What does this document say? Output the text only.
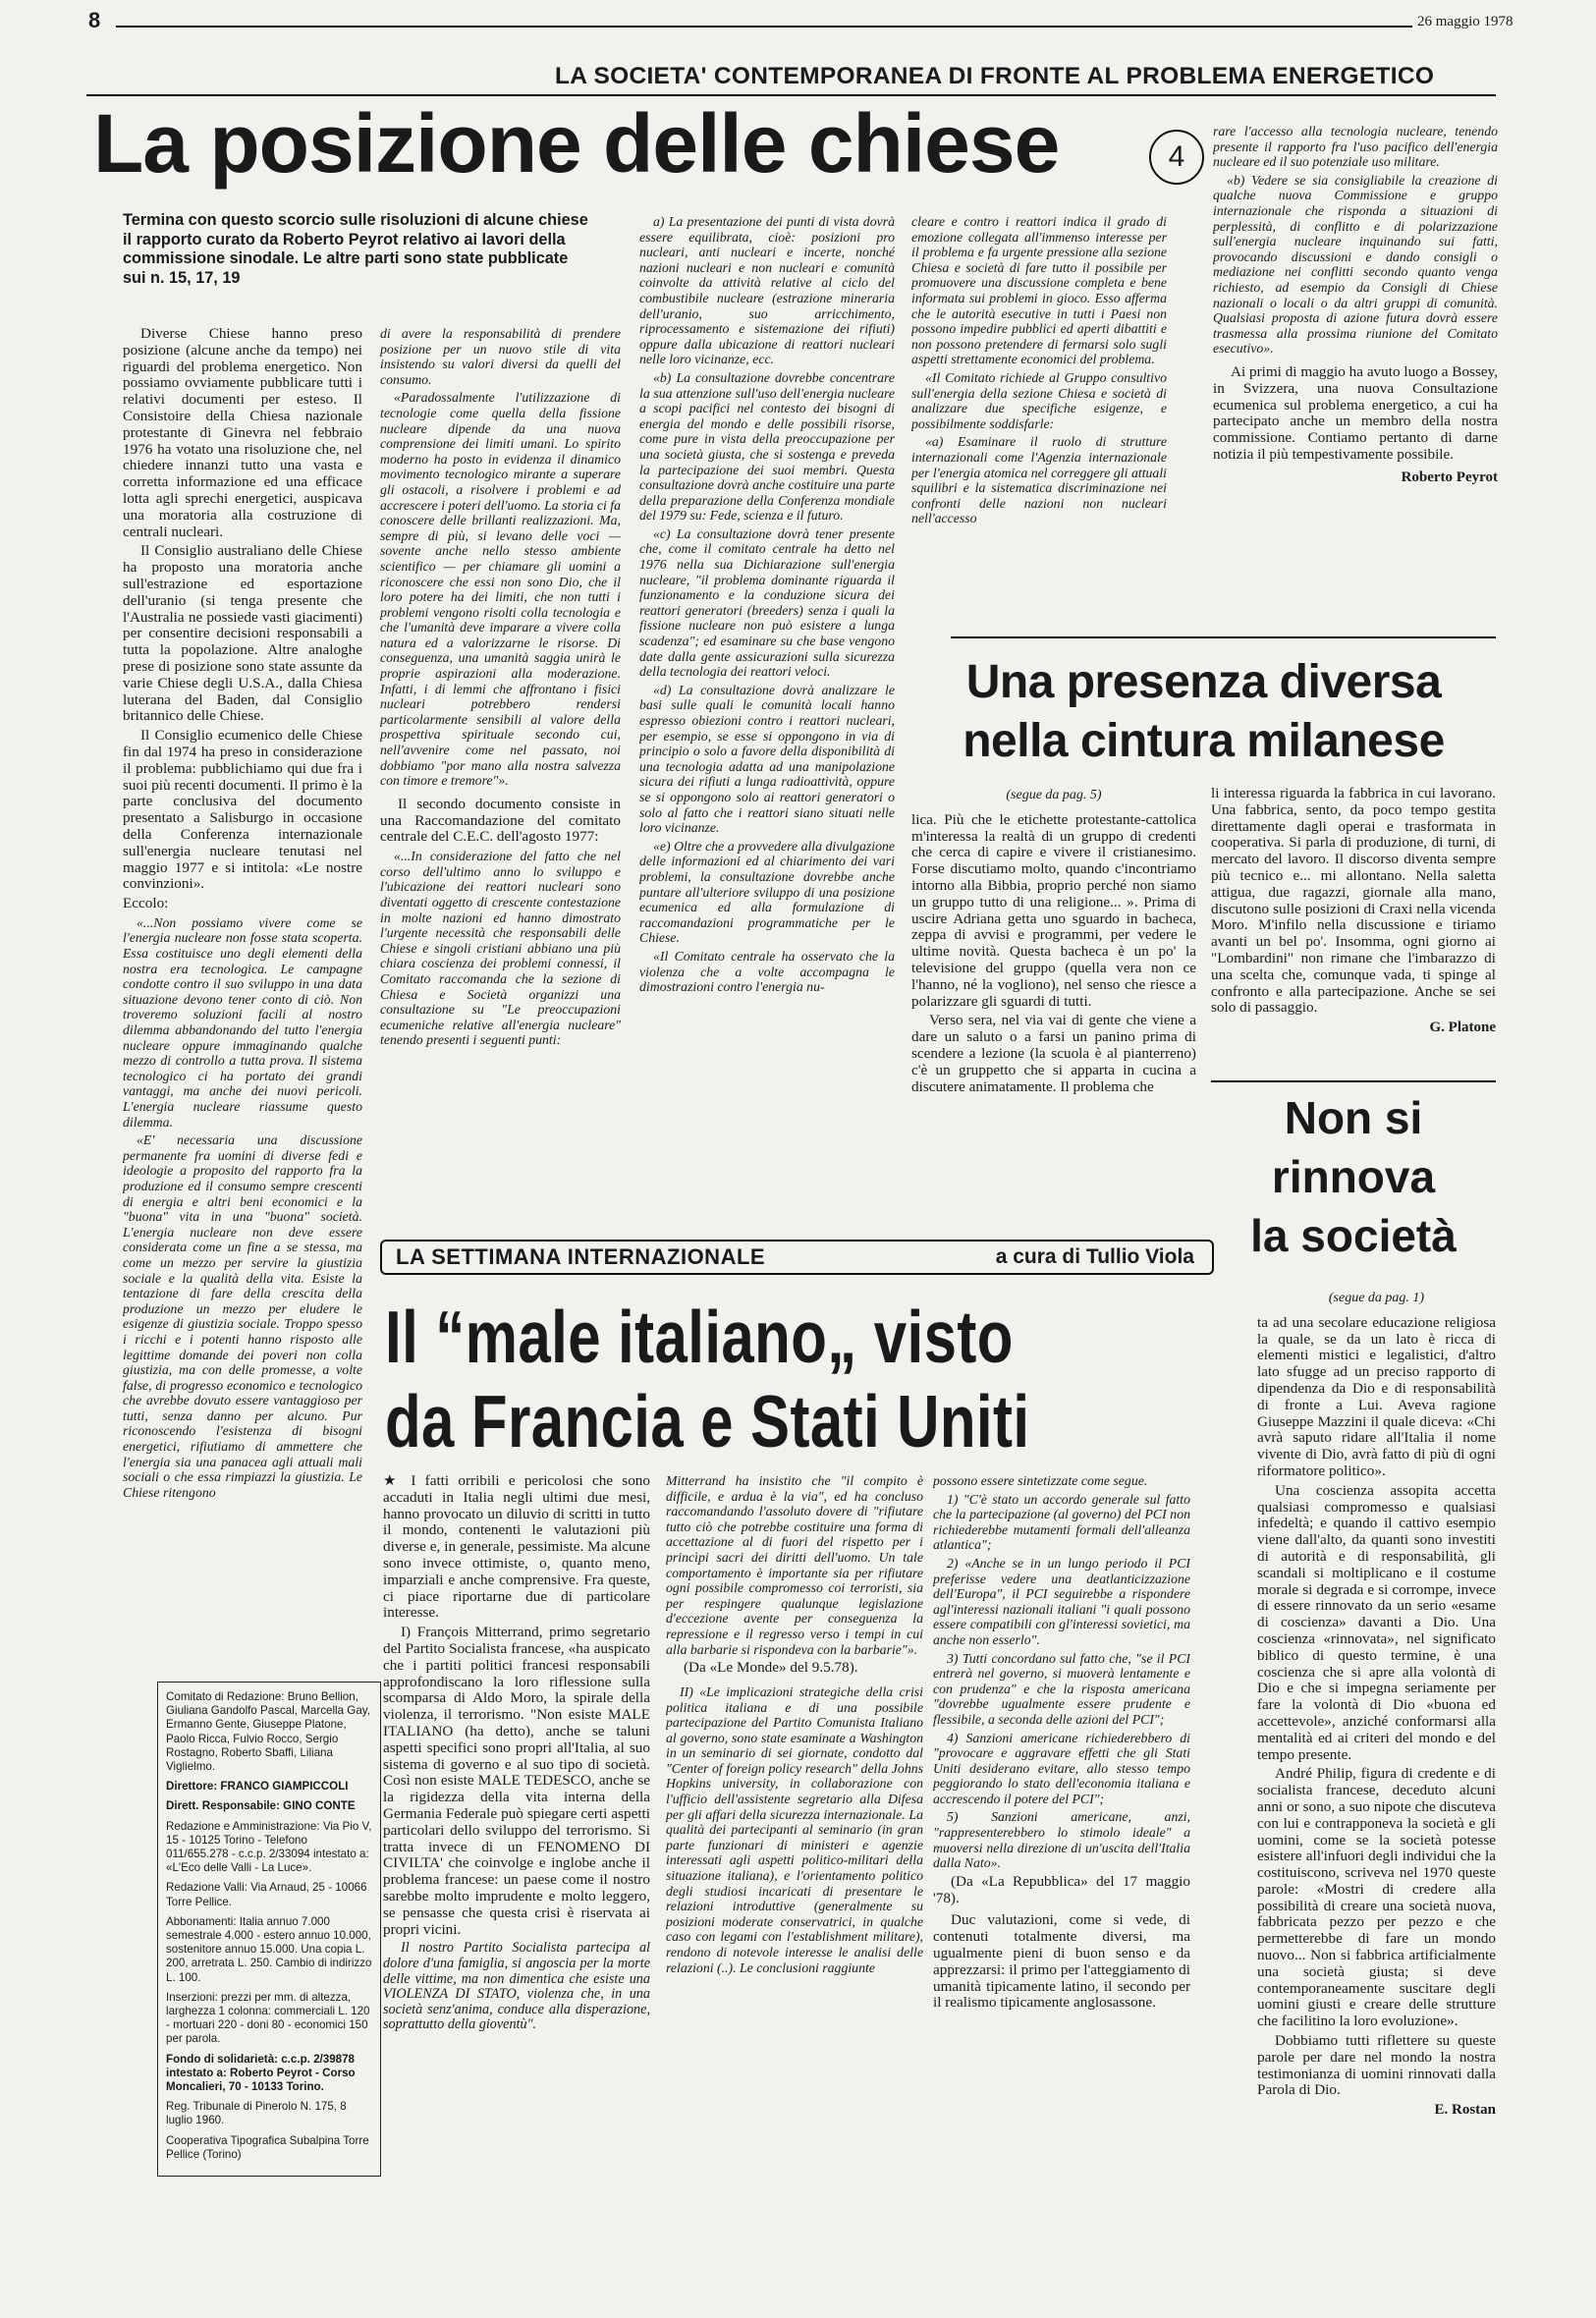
8	26 maggio 1978
LA SOCIETA' CONTEMPORANEA DI FRONTE AL PROBLEMA ENERGETICO
La posizione delle chiese	4
Termina con questo scorcio sulle risoluzioni di alcune chiese il rapporto curato da Roberto Peyrot relativo ai lavori della commissione sinodale. Le altre parti sono state pubblicate sui n. 15, 17, 19

Diverse Chiese hanno preso posizione (alcune anche da tempo) nei riguardi del problema energetico. Non possiamo ovviamente pubblicare tutti i relativi documenti per esteso. Il Consistoire della Chiesa nazionale protestante di Ginevra nel febbraio 1976 ha votato una risoluzione che, nel chiedere innanzi tutto una vasta e corretta informazione ed una efficace lotta agli sprechi energetici, auspicava una moratoria alla costruzione di centrali nucleari.

Il Consiglio australiano delle Chiese ha proposto una moratoria anche sull'estrazione ed esportazione dell'uranio (si tenga presente che l'Australia ne possiede vasti giacimenti) per consentire decisioni responsabili a tutta la popolazione. Altre analoghe prese di posizione sono state assunte da varie Chiese degli U.S.A., dalla Chiesa luterana del Baden, dal Consiglio britannico delle Chiese.

Il Consiglio ecumenico delle Chiese fin dal 1974 ha preso in considerazione il problema: pubblichiamo qui due fra i suoi più recenti documenti. Il primo è la parte conclusiva del documento presentato a Salisburgo in occasione della Conferenza internazionale sull'energia nucleare tenutasi nel maggio 1977 e si intitola: «Le nostre convinzioni».

Eccolo:

«...Non possiamo vivere come se l'energia nucleare non fosse stata scoperta. Essa costituisce uno degli elementi della nostra era tecnologica. Le campagne condotte contro il suo sviluppo in una data situazione devono tener conto di ciò. Non troveremo soluzioni facili al nostro dilemma abbandonando del tutto l'energia nucleare oppure immaginando qualche mezzo di controllo a tutta prova. Il sistema tecnologico ci ha portato dei grandi vantaggi, ma anche dei nuovi pericoli. L'energia nucleare riassume questo dilemma.

«E' necessaria una discussione permanente fra uomini di diverse fedi e ideologie a proposito del rapporto fra la produzione ed il consumo sempre crescenti di energia e altri beni economici e la "buona" vita in una "buona" società. L'energia nucleare non deve essere considerata come un fine a se stessa, ma come un mezzo per servire la giustizia sociale e la qualità della vita. Esiste la tentazione di fare della crescita della produzione un mezzo per eludere le esigenze di giustizia sociale. Troppo spesso i ricchi e i potenti hanno risposto alle legittime domande dei poveri non colla giustizia, ma con delle promesse, a volte false, di progresso economico e tecnologico che avrebbe dovuto essere vantaggioso per tutti, senza danno per alcuno. Pur riconoscendo l'esistenza di bisogni energetici, rifiutiamo di ammettere che l'energia sia una panacea agli attuali mali sociali o che essa rimpiazzi la giustizia. Le Chiese ritengono

Comitato di Redazione: Bruno Bellion, Giuliana Gandolfo Pascal, Marcella Gay, Ermanno Gente, Giuseppe Platone, Paolo Ricca, Fulvio Rocco, Sergio Rostagno, Roberto Sbaffi, Liliana Viglielmo.

Direttore: FRANCO GIAMPICCOLI

Dirett. Responsabile: GINO CONTE

Redazione e Amministrazione: Via Pio V, 15 - 10125 Torino - Telefono 011/655.278 - c.c.p. 2/33094 intestato a: «L'Eco delle Valli - La Luce».

Redazione Valli: Via Arnaud, 25 - 10066 Torre Pellice.

Abbonamenti: Italia annuo 7.000 semestrale 4.000 - estero annuo 10.000, sostenitore annuo 15.000. Una copia L. 200, arretrata L. 250. Cambio di indirizzo L. 100.

Inserzioni: prezzi per mm. di altezza, larghezza 1 colonna: commerciali L. 120 - mortuari 220 - doni 80 - economici 150 per parola.

Fondo di solidarietà: c.c.p. 2/39878 intestato a: Roberto Peyrot - Corso Moncalieri, 70 - 10133 Torino.

Reg. Tribunale di Pinerolo N. 175, 8 luglio 1960.

Cooperativa Tipografica Subalpina Torre Pellice (Torino)

di avere la responsabilità di prendere posizione per un nuovo stile di vita insistendo su valori diversi da quelli del consumo.

«Paradossalmente l'utilizzazione di tecnologie come quella della fissione nucleare dipende da una nuova comprensione dei limiti umani. Lo spirito moderno ha posto in evidenza il dinamico movimento tecnologico mirante a superare gli ostacoli, a risolvere i problemi e ad accrescere i poteri dell'uomo. La storia ci fa conoscere delle brillanti realizzazioni. Ma, sempre di più, si levano delle voci — sovente anche nello stesso ambiente scientifico — per chiamare gli uomini a riconoscere che essi non sono Dio, che il loro potere ha dei limiti, che non tutti i problemi vengono risolti colla tecnologia e che l'umanità deve imparare a vivere colla natura ed a valorizzarne le risorse. Di conseguenza, una umanità saggia unirà le proprie aspirazioni alla moderazione. Infatti, i di lemmi che affrontano i fisici nucleari potrebbero rendersi particolarmente sensibili al valore della prospettiva spirituale secondo cui, nell'avvenire come nel passato, noi dobbiamo "por mano alla nostra salvezza con timore e tremore"».

Il secondo documento consiste in una Raccomandazione del comitato centrale del C.E.C. dell'agosto 1977:

«...In considerazione del fatto che nel corso dell'ultimo anno lo sviluppo e l'ubicazione dei reattori nucleari sono diventati oggetto di crescente contestazione in molte nazioni ed hanno dimostrato l'urgente necessità che responsabili delle Chiese e singoli cristiani abbiano una più chiara coscienza dei problemi connessi, il Comitato raccomanda che la sezione di Chiesa e Società organizzi una consultazione su "Le preoccupazioni ecumeniche relative all'energia nucleare" tenendo presenti i seguenti punti:

a) La presentazione dei punti di vista dovrà essere equilibrata, cioè: posizioni pro nucleari, anti nucleari e incerte, nonché nazioni nucleari e non nucleari e comunità coinvolte da attività relative al ciclo del combustibile nucleare (estrazione mineraria dell'uranio, suo arricchimento, riprocessamento e sistemazione dei rifiuti) oppure dalla ubicazione di reattori nucleari nelle loro vicinanze, ecc.

«b) La consultazione dovrebbe concentrare la sua attenzione sull'uso dell'energia nucleare a scopi pacifici nel contesto dei bisogni di energia del mondo e delle possibili risorse, come pure in vista della preoccupazione per una società giusta, che si sostenga e preveda la partecipazione dei suoi membri. Questa consultazione dovrà anche costituire una parte della preparazione della Conferenza mondiale del 1979 su: Fede, scienza e il futuro.

«c) La consultazione dovrà tener presente che, come il comitato centrale ha detto nel 1976 nella sua Dichiarazione sull'energia nucleare, "il problema dominante riguarda il funzionamento e la conduzione sicura dei reattori generatori (breeders) senza i quali la fissione nucleare non può esistere a lunga scadenza"; ed esaminare su che base vengono date dalla gente assicurazioni sulla sicurezza della tecnologia dei reattori veloci.

«d) La consultazione dovrà analizzare le basi sulle quali le comunità locali hanno espresso obiezioni contro i reattori nucleari, per esempio, se esse si oppongono in via di principio o solo a favore della disponibilità di una tecnologia adatta ad una manipolazione sicura dei rifiuti a lunga radioattività, oppure se si oppongono solo ai reattori generatori o solo al fatto che i reattori siano situati nelle loro vicinanze.

«e) Oltre che a provvedere alla divulgazione delle informazioni ed al chiarimento dei vari problemi, la consultazione dovrebbe anche puntare all'ulteriore sviluppo di una posizione ecumenica ed alla formulazione di raccomandazioni programmatiche per le Chiese.

«Il Comitato centrale ha osservato che la violenza che a volte accompagna le dimostrazioni contro l'energia nu-

cleare e contro i reattori indica il grado di emozione collegata all'immenso interesse per il problema e fa urgente pressione alla sezione Chiesa e società di fare tutto il possibile per promuovere una discussione completa e bene informata sui problemi in gioco. Esso afferma che le autorità esecutive in tutti i Paesi non possono impedire pubblici ed aperti dibattiti e non possono pretendere di fermarsi solo sugli aspetti strettamente economici del problema.

«Il Comitato richiede al Gruppo consultivo sull'energia della sezione Chiesa e società di analizzare due specifiche esigenze, e possibilmente soddisfarle:

«a) Esaminare il ruolo di strutture internazionali come l'Agenzia internazionale per l'energia atomica nel correggere gli attuali squilibri e la sistematica discriminazione nei confronti delle nazioni non nucleari nell'accesso

rare l'accesso alla tecnologia nucleare, tenendo presente il rapporto fra l'uso pacifico dell'energia nucleare ed il suo potenziale uso militare.

«b) Vedere se sia consigliabile la creazione di qualche nuova Commissione e gruppo internazionale che risponda a situazioni di perplessità, di conflitto e di polarizzazione sull'energia nucleare inquinando sui fatti, provocando discussioni e dando consigli o mediazione nei conflitti secondo quanto venga richiesto, ad esempio da Consigli di Chiese nazionali o locali o da altri gruppi di comunità. Qualsiasi proposta di azione futura dovrà essere trasmessa alla prossima riunione del Comitato esecutivo».

Ai primi di maggio ha avuto luogo a Bossey, in Svizzera, una nuova Consultazione ecumenica sul problema energetico, a cui ha partecipato anche un membro della nostra commissione. Contiamo pertanto di darne notizia il più tempestivamente possibile.

Roberto Peyrot
Una presenza diversa
nella cintura milanese
(segue da pag. 5)

lica. Più che le etichette protestante-cattolica m'interessa la realtà di un gruppo di credenti che cerca di capire e vivere il cristianesimo. Forse discutiamo molto, quando c'incontriamo intorno alla Bibbia, proprio perché non siamo un gruppo tutto di una religione... ». Prima di uscire Adriana getta uno sguardo in bacheca, zeppa di avvisi e programmi, per vedere le ultime novità. Questa bacheca è un po' la televisione del gruppo (quella vera non ce l'hanno, né la vogliono), nel senso che riesce a polarizzare gli sguardi di tutti.

Verso sera, nel via vai di gente che viene a dare un saluto o a farsi un panino prima di scendere a lezione (la scuola è al pianterreno) c'è un gruppetto che si apparta in cucina a discutere animatamente. Il problema che

li interessa riguarda la fabbrica in cui lavorano. Una fabbrica, sento, da poco tempo gestita direttamente dagli operai e trasformata in cooperativa. Si parla di produzione, di turni, di mercato del lavoro. Il discorso diventa sempre più tecnico e... mi allontano. Nella saletta attigua, due ragazzi, giornale alla mano, discutono sulle posizioni di Craxi nella vicenda Moro. M'infilo nella discussione e tiriamo avanti un bel po'. Insomma, ogni giorno ai "Lombardini" non rimane che l'imbarazzo di una scelta che, comunque vada, ti spinge al confronto e alla partecipazione. Anche se sei solo di passaggio.

G. Platone
Non si
rinnova
la società
(segue da pag. 1)

ta ad una secolare educazione religiosa la quale, se da un lato è ricca di elementi mistici e legalistici, d'altro lato sfugge ad un preciso rapporto di dipendenza da Dio e di responsabilità di fronte a Lui. Aveva ragione Giuseppe Mazzini il quale diceva: «Chi avrà saputo ridare all'Italia il nome vivente di Dio, avrà fatto di più di ogni riformatore politico».

Una coscienza assopita accetta qualsiasi compromesso e qualsiasi infedeltà; e quando il cattivo esempio viene dall'alto, da quanti sono investiti di autorità e di responsabilità, gli scandali si moltiplicano e il costume morale si degrada e si corrompe, invece di essere rinnovato da un serio «esame di coscienza» davanti a Dio. Una coscienza «rinnovata», nel significato biblico di questo termine, è una coscienza che si apre alla volontà di Dio e che si impegna seriamente per fare la volontà di Dio «buona ed accettevole», anziché conformarsi alla mentalità ed ai criteri del mondo e del tempo presente.

André Philip, figura di credente e di socialista francese, deceduto alcuni anni or sono, a suo nipote che discuteva con lui e contrapponeva la società e gli uomini, come se la società potesse esistere all'infuori degli individui che la costituiscono, scriveva nel 1970 queste parole: «Mostri di credere alla possibilità di creare una società nuova, fabbricata pezzo per pezzo e che permetterebbe di fare un mondo nuovo... Non si fabbrica artificialmente una società giusta; si deve contemporaneamente suscitare degli uomini giusti e creare delle strutture che facilitino la loro evoluzione».

Dobbiamo tutti riflettere su queste parole per dare nel mondo la nostra testimonianza di uomini rinnovati dalla Parola di Dio.

E. Rostan
LA SETTIMANA INTERNAZIONALE	a cura di Tullio Viola
Il “male italiano„ visto
da Francia e Stati Uniti

★ I fatti orribili e pericolosi che sono accaduti in Italia negli ultimi due mesi, hanno provocato un diluvio di scritti in tutto il mondo, contenenti le valutazioni più diverse e, in generale, pessimiste. Ma alcune sono invece ottimiste, o, quanto meno, imparziali e anche comprensive. Fra queste, ci piace riportarne due di particolare interesse.

I) François Mitterrand, primo segretario del Partito Socialista francese, «ha auspicato che i partiti politici francesi responsabili approfondiscano la loro riflessione sulla scomparsa di Aldo Moro, la spirale della violenza, il terrorismo. "Non esiste MALE ITALIANO (ha detto), anche se taluni aspetti specifici sono propri all'Italia, al suo sistema di governo e al suo tipo di società. Così non esiste MALE TEDESCO, anche se la rigidezza della vita interna della Germania Federale può spiegare certi aspetti particolari dello sviluppo del terrorismo. Si tratta invece di un FENOMENO DI CIVILTA' che coinvolge e inglobe anche il problema francese: un paese come il nostro sarebbe molto imprudente e molto leggero, se pensasse che questa crisi è riservata ai propri vicini.

Il nostro Partito Socialista partecipa al dolore d'una famiglia, si angoscia per la morte delle vittime, ma non dimentica che esiste una VIOLENZA DI STATO, violenza che, in una società senz'anima, conduce alla disperazione, soprattutto della gioventù".

Mitterrand ha insistito che "il compito è difficile, e ardua è la via", ed ha concluso raccomandando l'assoluto dovere di "rifiutare tutto ciò che potrebbe costituire una forma di accettazione al di fuori del rispetto per i princìpi sacri dei diritti dell'uomo. Un tale comportamento è importante sia per rifiutare ogni possibile compromesso coi terroristi, sia per respingere qualunque legislazione d'eccezione avente per conseguenza la repressione e il regresso verso i tempi in cui alla barbarie si rispondeva con la barbarie"».

(Da «Le Monde» del 9.5.78).

II) «Le implicazioni strategiche della crisi politica italiana e di una possibile partecipazione del Partito Comunista Italiano al governo, sono state esaminate a Washington in un seminario di sei giornate, condotto dal "Center of foreign policy research" della Johns Hopkins university, in collaborazione con l'ufficio dell'assistente segretario alla Difesa per gli affari della sicurezza internazionale. La qualità dei partecipanti al seminario (in gran parte funzionari di ministeri e agenzie interessati agli aspetti politico-militari della situazione italiana), e l'orientamento politico degli studiosi incaricati di presentare le relazioni introduttive (generalmente su posizioni moderate conservatrici, in qualche caso con legami con l'establishment militare), rendono di notevole interesse le analisi delle relazioni (..). Le conclusioni raggiunte

possono essere sintetizzate come segue.

1) "C'è stato un accordo generale sul fatto che la partecipazione (al governo) del PCI non richiederebbe mutamenti formali dell'alleanza atlantica";

2) «Anche se in un lungo periodo il PCI preferisse vedere una deatlanticizzazione dell'Europa", il PCI seguirebbe a rispondere agl'interessi nazionali italiani "i quali possono essere compatibili con gl'interessi sovietici, ma anche non esserlo".

3) Tutti concordano sul fatto che, "se il PCI entrerà nel governo, si muoverà lentamente e con prudenza" e che la risposta americana "dovrebbe ugualmente essere prudente e flessibile, a seconda delle azioni del PCI";

4) Sanzioni americane richiederebbero di "provocare e aggravare effetti che gli Stati Uniti desiderano evitare, allo stesso tempo peggiorando lo stato dell'economia italiana e accrescendo il potere del PCI";

5) Sanzioni americane, anzi, "rappresenterebbero lo stimolo ideale" a muoversi nella direzione di un'uscita dell'Italia dalla Nato».

(Da «La Repubblica» del 17 maggio '78).

Duc valutazioni, come si vede, di contenuti totalmente diversi, ma ugualmente pieni di buon senso e da apprezzarsi: il primo per l'atteggiamento di umanità tipicamente latino, il secondo per il realismo tipicamente anglosassone.
